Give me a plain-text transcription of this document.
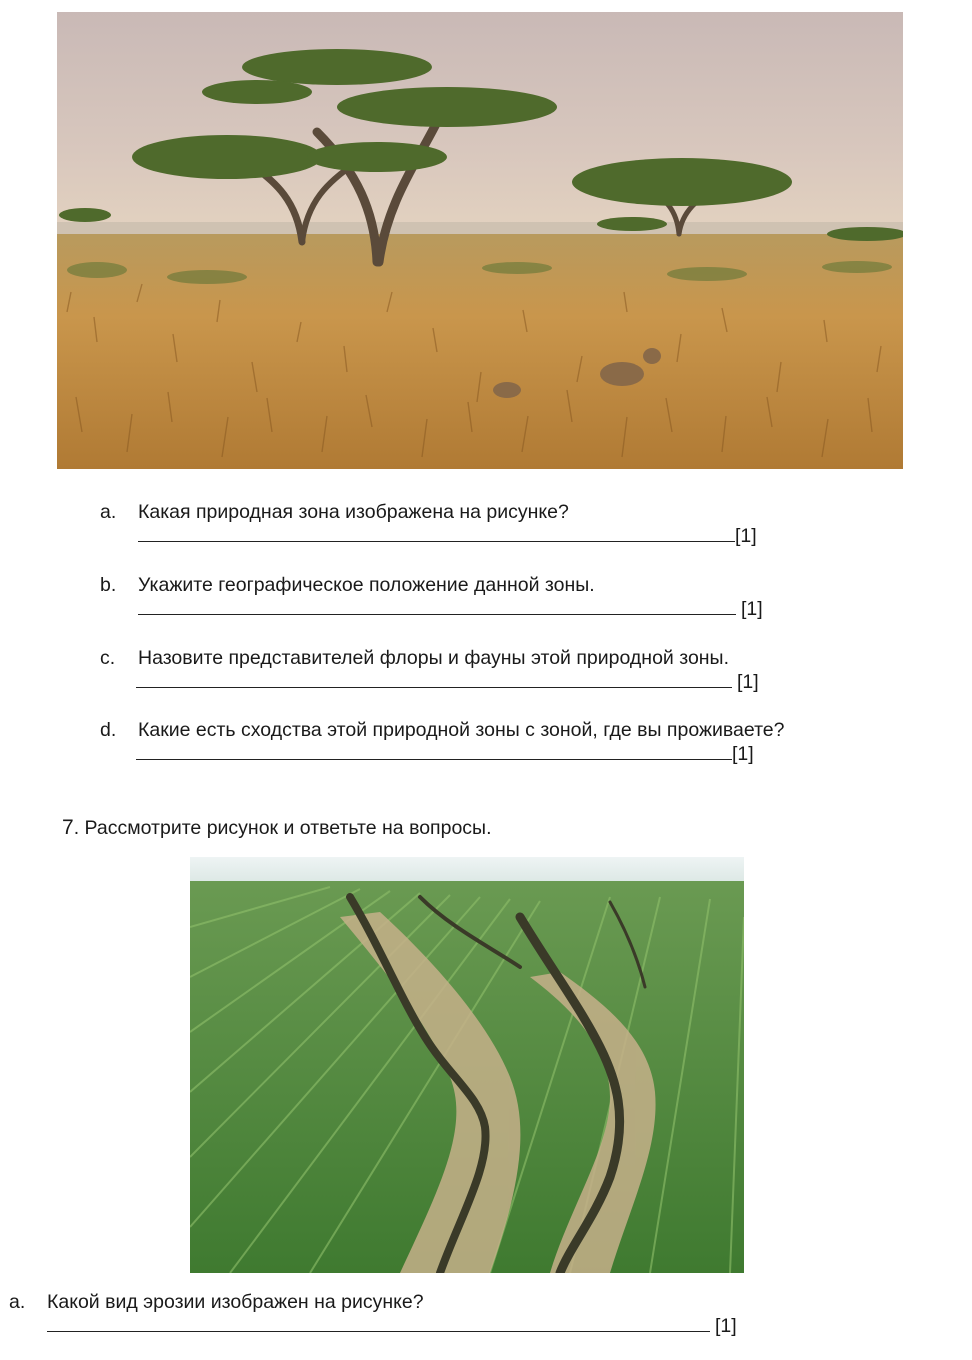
a. Какая природная зона изображена на рисунке?
[1]
b. Укажите географическое положение данной зоны.
[1]
c. Назовите представителей флоры и фауны этой природной зоны.
[1]
d. Какие есть сходства этой природной зоны с зоной, где вы проживаете?
[1]
7. Рассмотрите рисунок и ответьте на вопросы.
a. Какой вид эрозии изображен на рисунке?
[1]
